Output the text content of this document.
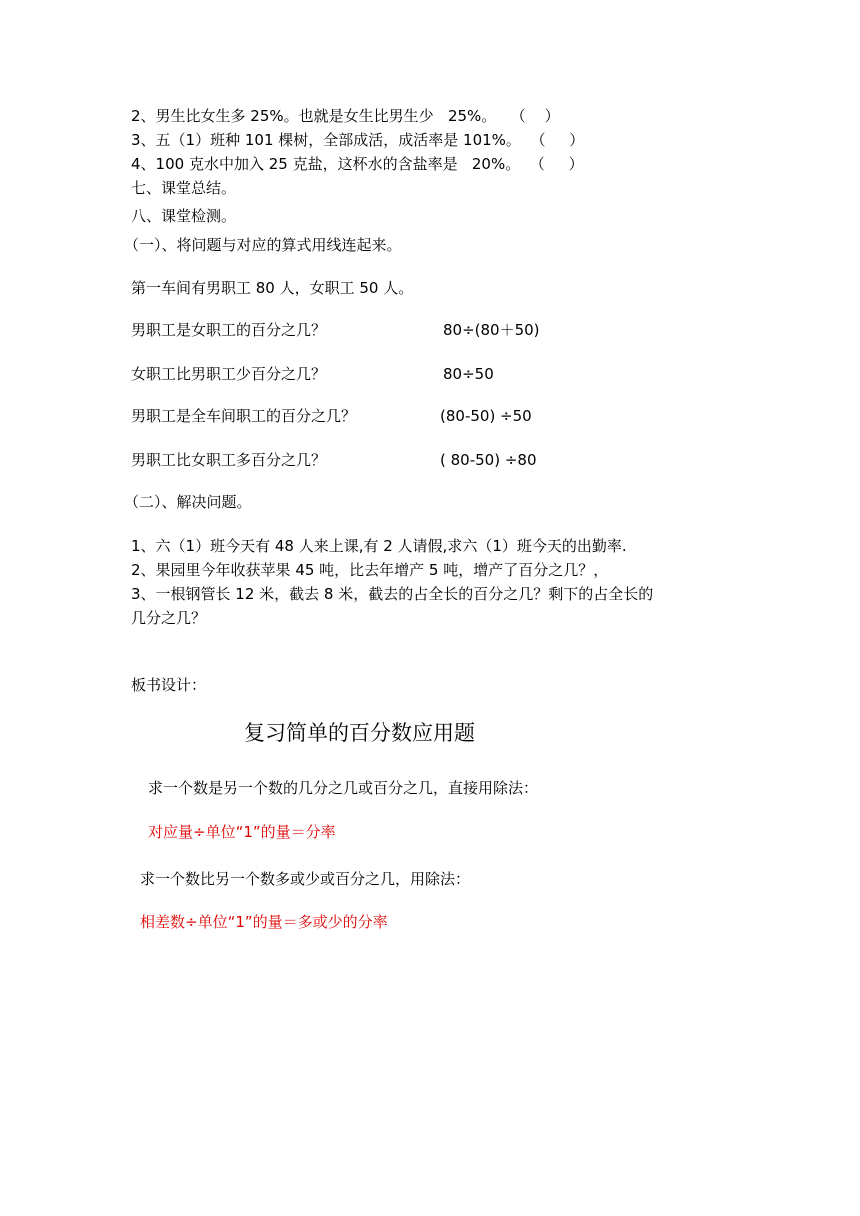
2、男生比女生多 25%。也就是女生比男生少   25%。   （    ）
3、五（1）班种 101 棵树，全部成活，成活率是 101%。  （     ）
4、100 克水中加入 25 克盐，这杯水的含盐率是   20%。  （     ）
七、课堂总结。
八、课堂检测。
（一）、将问题与对应的算式用线连起来。
第一车间有男职工 80 人，女职工 50 人。
男职工是女职工的百分之几？	80÷(80＋50)
女职工比男职工少百分之几？	80÷50
男职工是全车间职工的百分之几？	(80-50) ÷50
男职工比女职工多百分之几？	( 80-50) ÷80
（二）、解决问题。
1、六（1）班今天有 48 人来上课,有 2 人请假,求六（1）班今天的出勤率.
2、果园里今年收获苹果 45 吨，比去年增产 5 吨，增产了百分之几？，
3、一根钢管长 12 米，截去 8 米，截去的占全长的百分之几？剩下的占全长的
几分之几？
板书设计：
复习简单的百分数应用题
求一个数是另一个数的几分之几或百分之几，直接用除法：
对应量÷单位“1”的量＝分率
求一个数比另一个数多或少或百分之几，用除法：
相差数÷单位“1”的量＝多或少的分率
